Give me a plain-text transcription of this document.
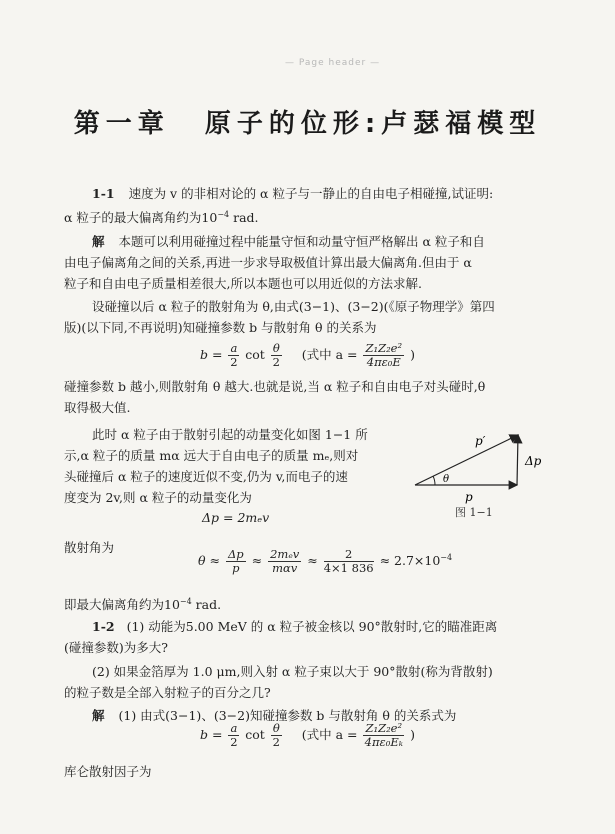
— Page header —
第一章 原子的位形:卢瑟福模型
1-1 速度为 v 的非相对论的 α 粒子与一静止的自由电子相碰撞,试证明:
α 粒子的最大偏离角约为$10^{-4}$ rad.
解 本题可以利用碰撞过程中能量守恒和动量守恒严格解出 α 粒子和自
由电子偏离角之间的关系,再进一步求导取极值计算出最大偏离角.但由于 α
粒子和自由电子质量相差很大,所以本题也可以用近似的方法求解.
设碰撞以后 α 粒子的散射角为 θ,由式(3−1)、(3−2)(《原子物理学》第四
版)(以下同,不再说明)知碰撞参数 b 与散射角 θ 的关系为
$b = \frac{a}{2}$ $\cot \frac{\theta}{2}$ (式中 $a = \frac{\text{Z₁Z₂e²}}{\text{4πε₀E}}$ )
碰撞参数 b 越小,则散射角 θ 越大.也就是说,当 α 粒子和自由电子对头碰时,θ
取得极大值.
此时 α 粒子由于散射引起的动量变化如图 1−1 所
示,α 粒子的质量 mα 远大于自由电子的质量 mₑ,则对
头碰撞后 α 粒子的速度近似不变,仍为 v,而电子的速
度变为 2v,则 α 粒子的动量变化为
Δp = 2mₑv
θ
p′
Δp
p
图 1−1
散射角为
$\theta \approx \frac{\Delta p}{p} \approx \frac{\text{2mₑv}}{\text{mαv}} \approx \frac{2}{4\times 1 836} \approx 2.7\times 10^{-4}$
即最大偏离角约为$10^{-4}$ rad.
1-2 (1) 动能为5.00 MeV 的 α 粒子被金核以 90°散射时,它的瞄准距离
(碰撞参数)为多大?
(2) 如果金箔厚为 1.0 μm,则入射 α 粒子束以大于 90°散射(称为背散射)
的粒子数是全部入射粒子的百分之几?
解 (1) 由式(3−1)、(3−2)知碰撞参数 b 与散射角 θ 的关系式为
$b = \frac{a}{2}$ $\cot \frac{\theta}{2}$ (式中 $a = \frac{\text{Z₁Z₂e²}}{\text{4πε₀Eₖ}}$ )
库仑散射因子为
